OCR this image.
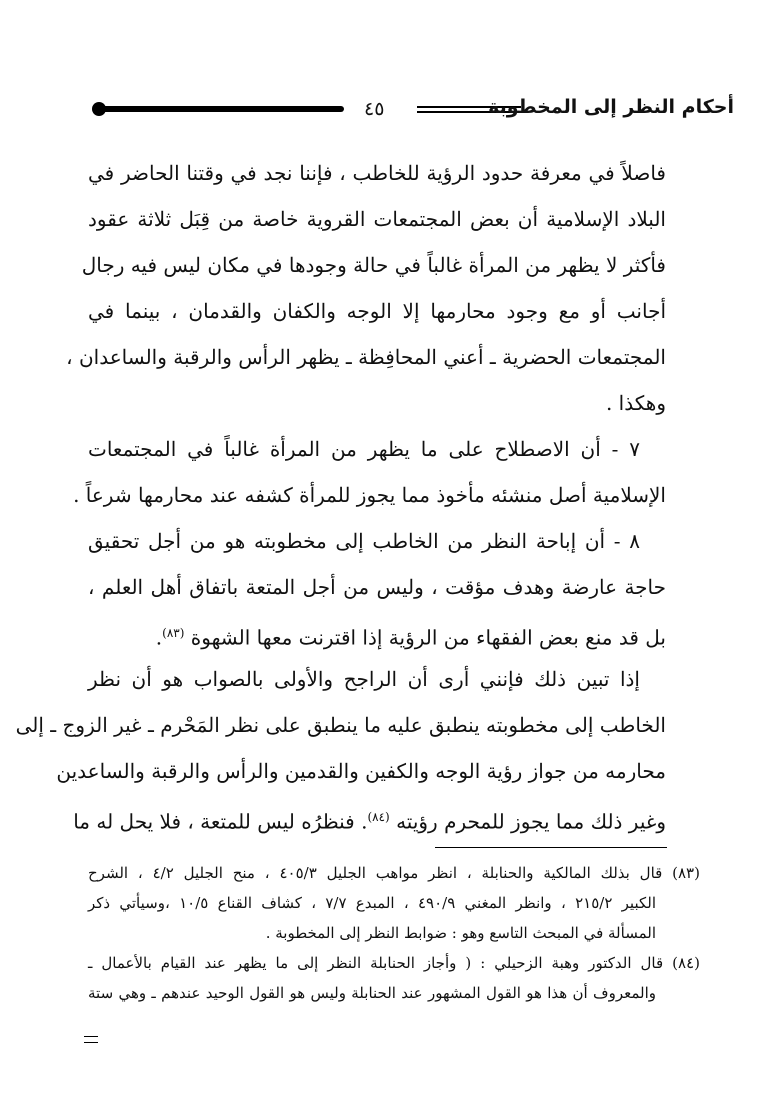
٤٥	أحكام النظر إلى المخطوبة
فاصلاً في معرفة حدود الرؤية للخاطب ، فإننا نجد في وقتنا الحاضر في
البلاد الإسلامية أن بعض المجتمعات القروية خاصة من قِبَل ثلاثة عقود
فأكثر لا يظهر من المرأة غالباً في حالة وجودها في مكان ليس فيه رجال
أجانب أو مع وجود محارمها إلا الوجه والكفان والقدمان ، بينما في
المجتمعات الحضرية ـ أعني المحافِظة ـ يظهر الرأس والرقبة والساعدان ،
وهكذا .
٧ - أن الاصطلاح على ما يظهر من المرأة غالباً في المجتمعات
الإسلامية أصل منشئه مأخوذ مما يجوز للمرأة كشفه عند محارمها شرعاً .
٨ - أن إباحة النظر من الخاطب إلى مخطوبته هو من أجل تحقيق
حاجة عارضة وهدف مؤقت ، وليس من أجل المتعة باتفاق أهل العلم ،
بل قد منع بعض الفقهاء من الرؤية إذا اقترنت معها الشهوة $^{(٨٣)}$.
إذا تبين ذلك فإنني أرى أن الراجح والأولى بالصواب هو أن نظر
الخاطب إلى مخطوبته ينطبق عليه ما ينطبق على نظر المَحْرم ـ غير الزوج ـ إلى
محارمه من جواز رؤية الوجه والكفين والقدمين والرأس والرقبة والساعدين
وغير ذلك مما يجوز للمحرم رؤيته $^{(٨٤)}$. فنظرُه ليس للمتعة ، فلا يحل له ما
(٨٣) قال بذلك المالكية والحنابلة ، انظر مواهب الجليل ٤٠٥/٣ ، منح الجليل ٤/٢ ، الشرح
الكبير ٢١٥/٢ ، وانظر المغني ٤٩٠/٩ ، المبدع ٧/٧ ، كشاف القناع ١٠/٥ ،وسيأتي ذكر
المسألة في المبحث التاسع وهو : ضوابط النظر إلى المخطوبة .
(٨٤) قال الدكتور وهبة الزحيلي : ( وأجاز الحنابلة النظر إلى ما يظهر عند القيام بالأعمال ـ
والمعروف أن هذا هو القول المشهور عند الحنابلة وليس هو القول الوحيد عندهم ـ وهي ستة
